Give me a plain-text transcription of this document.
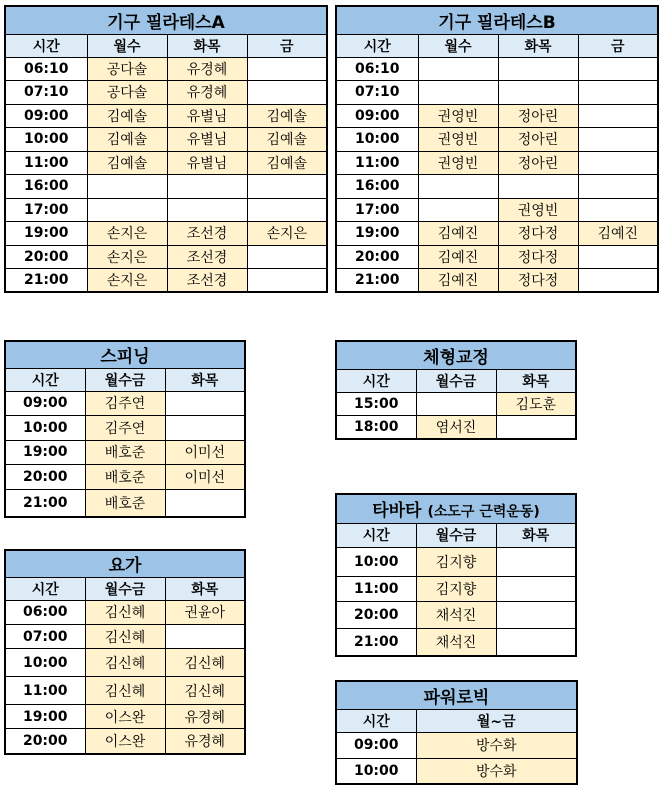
기구 필라테스A			
시간	월수	화목	금
06:10	공다솔	유경혜	
07:10	공다솔	유경혜	
09:00	김예솔	유별님	김예솔
10:00	김예솔	유별님	김예솔
11:00	김예솔	유별님	김예솔
16:00			
17:00			
19:00	손지은	조선경	손지은
20:00	손지은	조선경	
21:00	손지은	조선경	
기구 필라테스B			
시간	월수	화목	금
06:10			
07:10			
09:00	권영빈	정아린	
10:00	권영빈	정아린	
11:00	권영빈	정아린	
16:00			
17:00		권영빈	
19:00	김예진	정다정	김예진
20:00	김예진	정다정	
21:00	김예진	정다정	
스피닝		
시간	월수금	화목
09:00	김주연	
10:00	김주연	
19:00	배호준	이미선
20:00	배호준	이미선
21:00	배호준	
요가		
시간	월수금	화목
06:00	김신혜	권윤아
07:00	김신혜	
10:00	김신혜	김신혜
11:00	김신혜	김신혜
19:00	이스완	유경혜
20:00	이스완	유경혜
체형교정		
시간	월수금	화목
15:00		김도훈
18:00	염서진	
타바타 (소도구 근력운동)		
시간	월수금	화목
10:00	김지향	
11:00	김지향	
20:00	채석진	
21:00	채석진	
파워로빅	
시간	월~금
09:00	방수화
10:00	방수화
